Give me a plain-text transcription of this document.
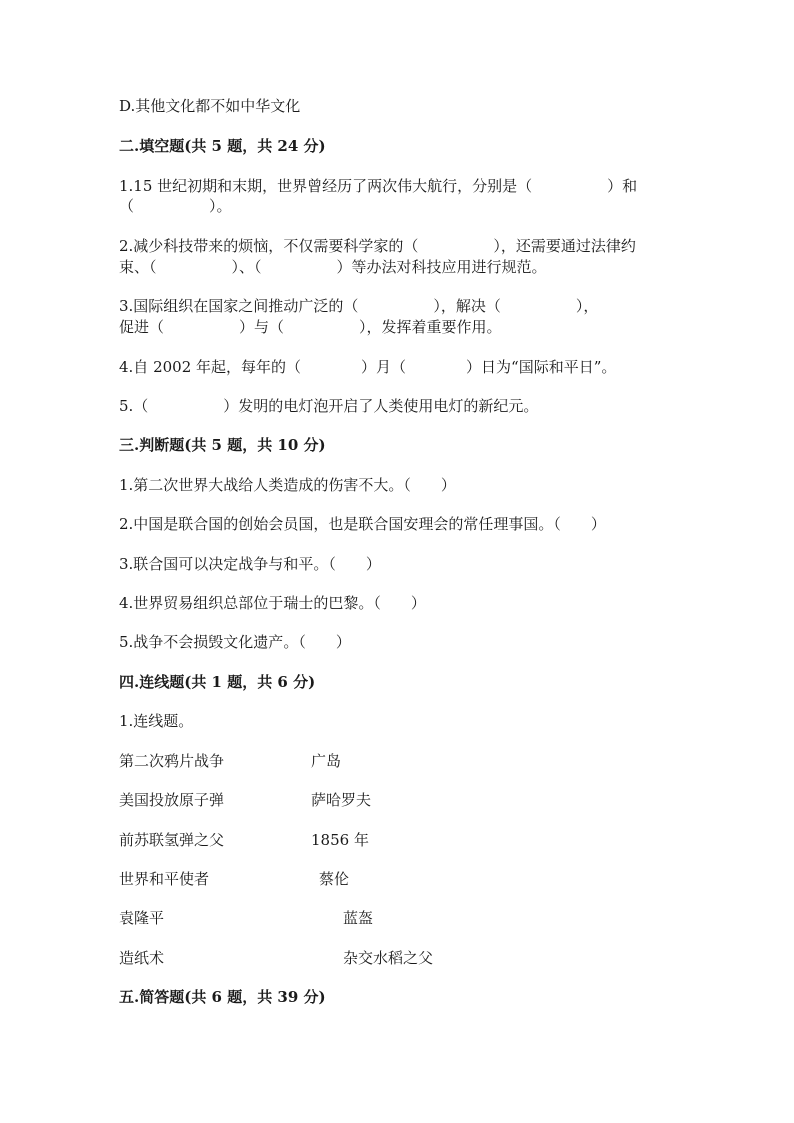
D.其他文化都不如中华文化
二.填空题(共 5 题，共 24 分)
1.15 世纪初期和末期，世界曾经历了两次伟大航行，分别是（　　　　　）和
（　　　　　）。
2.减少科技带来的烦恼，不仅需要科学家的（　　　　　），还需要通过法律约
束、（　　　　　）、（　　　　　）等办法对科技应用进行规范。
3.国际组织在国家之间推动广泛的（　　　　　），解决（　　　　　），
促进（　　　　　）与（　　　　　），发挥着重要作用。
4.自 2002 年起，每年的（　　　　）月（　　　　）日为“国际和平日”。
5.（　　　　　）发明的电灯泡开启了人类使用电灯的新纪元。
三.判断题(共 5 题，共 10 分)
1.第二次世界大战给人类造成的伤害不大。（　　）
2.中国是联合国的创始会员国，也是联合国安理会的常任理事国。（　　）
3.联合国可以决定战争与和平。（　　）
4.世界贸易组织总部位于瑞士的巴黎。（　　）
5.战争不会损毁文化遗产。（　　）
四.连线题(共 1 题，共 6 分)
1.连线题。
第二次鸦片战争	广岛
美国投放原子弹	萨哈罗夫
前苏联氢弹之父	1856 年
世界和平使者	蔡伦
袁隆平	蓝盔
造纸术	杂交水稻之父
五.简答题(共 6 题，共 39 分)
